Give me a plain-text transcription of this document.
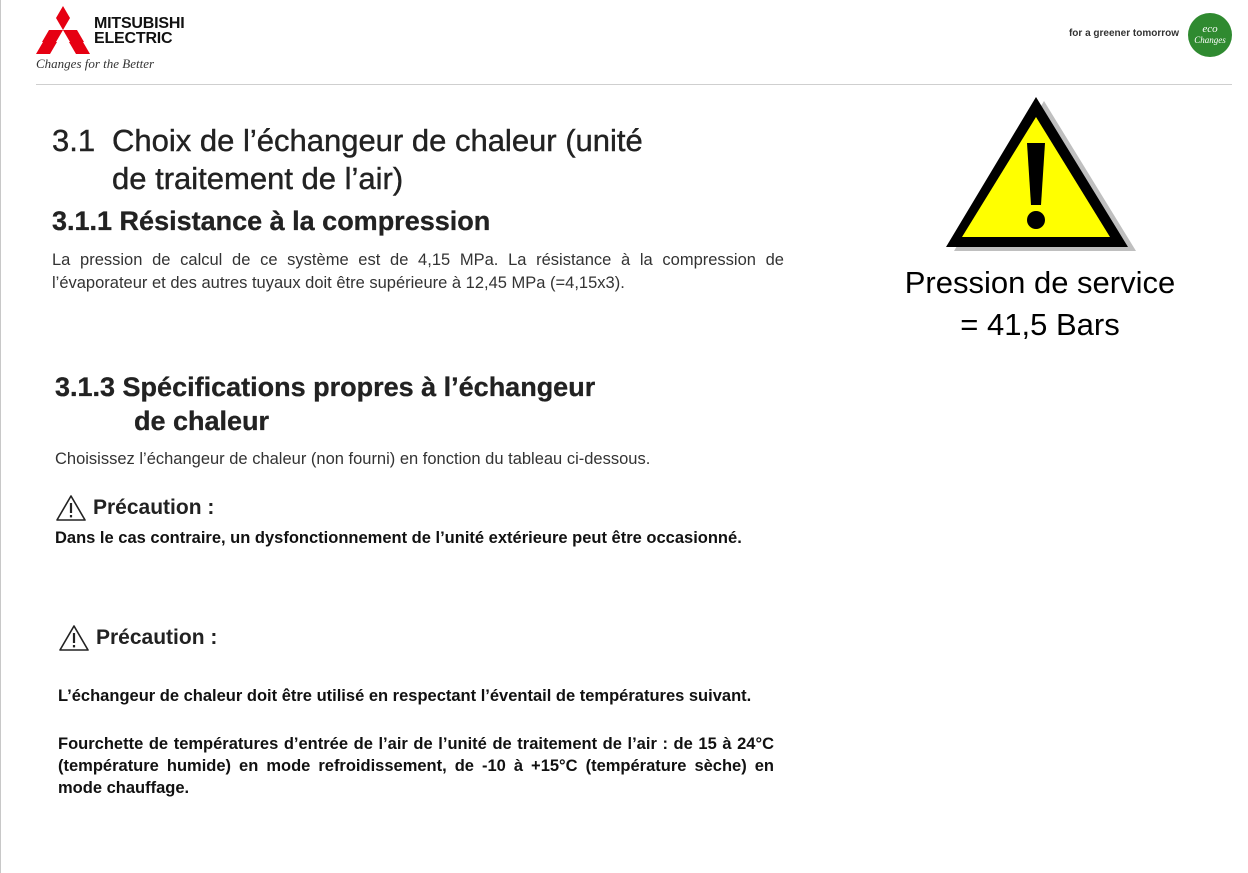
MITSUBISHI
ELECTRIC
Changes for the Better
for a greener tomorrow eco
Changes
3.1 Choix de l’échangeur de chaleur (unité
de traitement de l’air)
3.1.1 Résistance à la compression

La pression de calcul de ce système est de 4,15 MPa. La résistance à la compression de l’évaporateur et des autres tuyaux doit être supérieure à 12,45 MPa (=4,15x3).

3.1.3 Spécifications propres à l’échangeur
de chaleur

Choisissez l’échangeur de chaleur (non fourni) en fonction du tableau ci-dessous.

Précaution :

Dans le cas contraire, un dysfonctionnement de l’unité extérieure peut être occasionné.

Précaution :

L’échangeur de chaleur doit être utilisé en respectant l’éventail de températures suivant.

Fourchette de températures d’entrée de l’air de l’unité de traitement de l’air : de 15 à 24°C (température humide) en mode refroidissement, de -10 à +15°C (température sèche) en mode chauffage.

Pression de service
= 41,5 Bars
